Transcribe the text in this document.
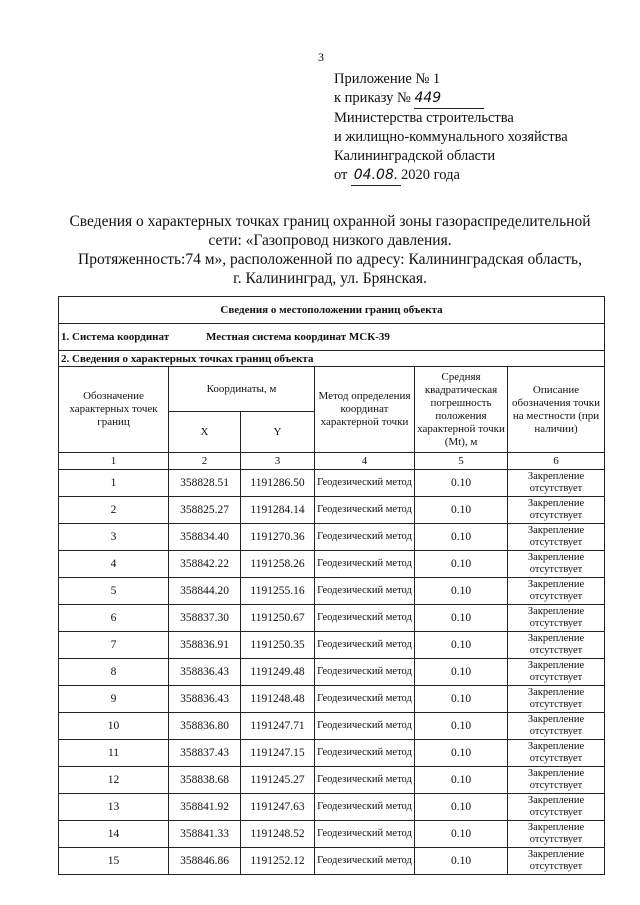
3
Приложение № 1
к приказу № 449
Министерства строительства
и жилищно-коммунального хозяйства
Калининградской области
от 04.08. 2020 года
Сведения о характерных точках границ охранной зоны газораспределительной
сети: «Газопровод низкого давления.
Протяженность:74 м», расположенной по адресу: Калининградская область,
г. Калининград, ул. Брянская.
Сведения о местоположении границ объекта					
1. Система координат Местная система координат МСК-39					
2. Сведения о характерных точках границ объекта					
Обозначение характерных точек границ	Координаты, м		Метод определения координат характерной точки	Средняя квадратическая погрешность положения характерной точки (Mt), м	Описание обозначения точки на местности (при наличии)
	X	Y			
1	2	3	4	5	6
1	358828.51	1191286.50	Геодезический метод	0.10	Закрепление отсутствует
2	358825.27	1191284.14	Геодезический метод	0.10	Закрепление отсутствует
3	358834.40	1191270.36	Геодезический метод	0.10	Закрепление отсутствует
4	358842.22	1191258.26	Геодезический метод	0.10	Закрепление отсутствует
5	358844.20	1191255.16	Геодезический метод	0.10	Закрепление отсутствует
6	358837.30	1191250.67	Геодезический метод	0.10	Закрепление отсутствует
7	358836.91	1191250.35	Геодезический метод	0.10	Закрепление отсутствует
8	358836.43	1191249.48	Геодезический метод	0.10	Закрепление отсутствует
9	358836.43	1191248.48	Геодезический метод	0.10	Закрепление отсутствует
10	358836.80	1191247.71	Геодезический метод	0.10	Закрепление отсутствует
11	358837.43	1191247.15	Геодезический метод	0.10	Закрепление отсутствует
12	358838.68	1191245.27	Геодезический метод	0.10	Закрепление отсутствует
13	358841.92	1191247.63	Геодезический метод	0.10	Закрепление отсутствует
14	358841.33	1191248.52	Геодезический метод	0.10	Закрепление отсутствует
15	358846.86	1191252.12	Геодезический метод	0.10	Закрепление отсутствует
